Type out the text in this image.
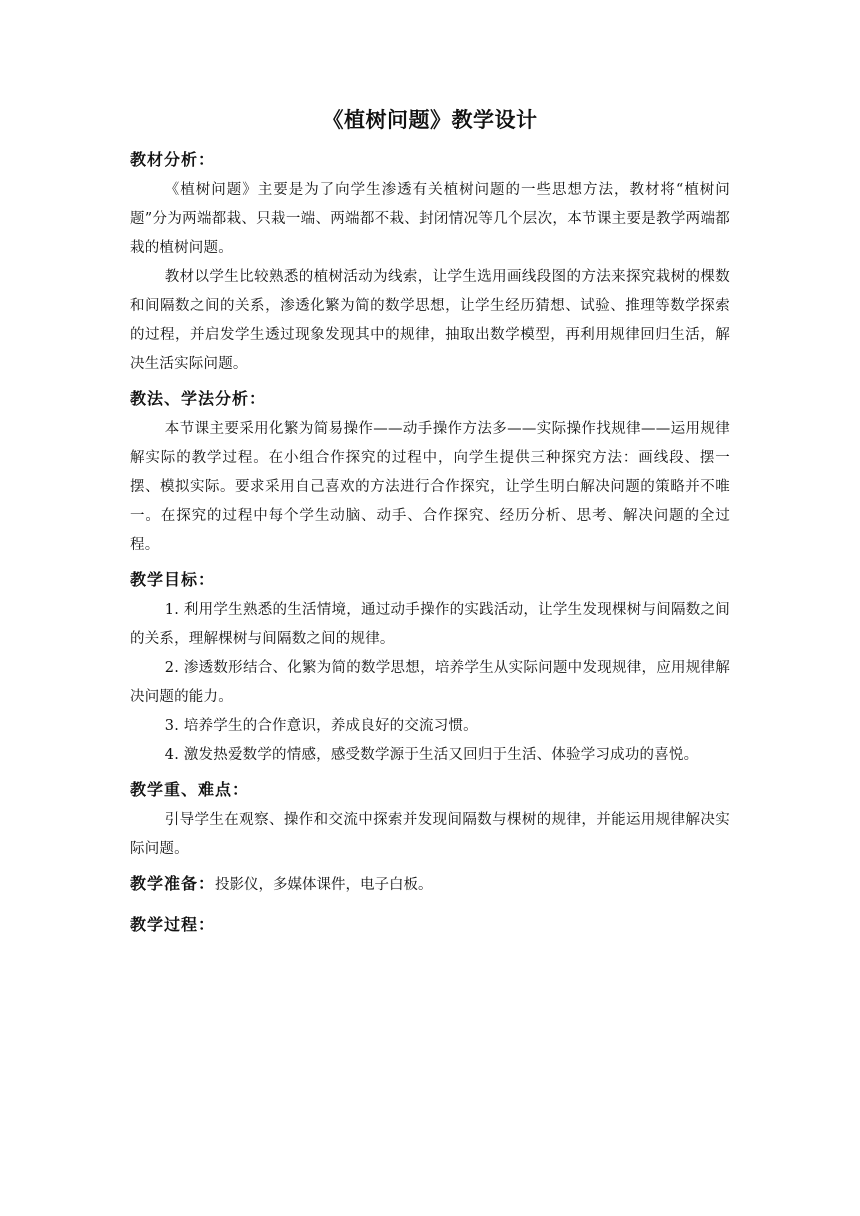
《植树问题》教学设计
教材分析：

《植树问题》主要是为了向学生渗透有关植树问题的一些思想方法，教材将“植树问题”分为两端都栽、只栽一端、两端都不栽、封闭情况等几个层次，本节课主要是教学两端都栽的植树问题。

教材以学生比较熟悉的植树活动为线索，让学生选用画线段图的方法来探究栽树的棵数和间隔数之间的关系，渗透化繁为简的数学思想，让学生经历猜想、试验、推理等数学探索的过程，并启发学生透过现象发现其中的规律，抽取出数学模型，再利用规律回归生活，解决生活实际问题。

教法、学法分析：

本节课主要采用化繁为简易操作——动手操作方法多——实际操作找规律——运用规律解实际的教学过程。在小组合作探究的过程中，向学生提供三种探究方法：画线段、摆一摆、模拟实际。要求采用自己喜欢的方法进行合作探究，让学生明白解决问题的策略并不唯一。在探究的过程中每个学生动脑、动手、合作探究、经历分析、思考、解决问题的全过程。

教学目标：

1. 利用学生熟悉的生活情境，通过动手操作的实践活动，让学生发现棵树与间隔数之间的关系，理解棵树与间隔数之间的规律。

2. 渗透数形结合、化繁为简的数学思想，培养学生从实际问题中发现规律，应用规律解决问题的能力。

3. 培养学生的合作意识，养成良好的交流习惯。

4. 激发热爱数学的情感，感受数学源于生活又回归于生活、体验学习成功的喜悦。

教学重、难点：

引导学生在观察、操作和交流中探索并发现间隔数与棵树的规律，并能运用规律解决实际问题。

教学准备：投影仪，多媒体课件，电子白板。
教学过程：
